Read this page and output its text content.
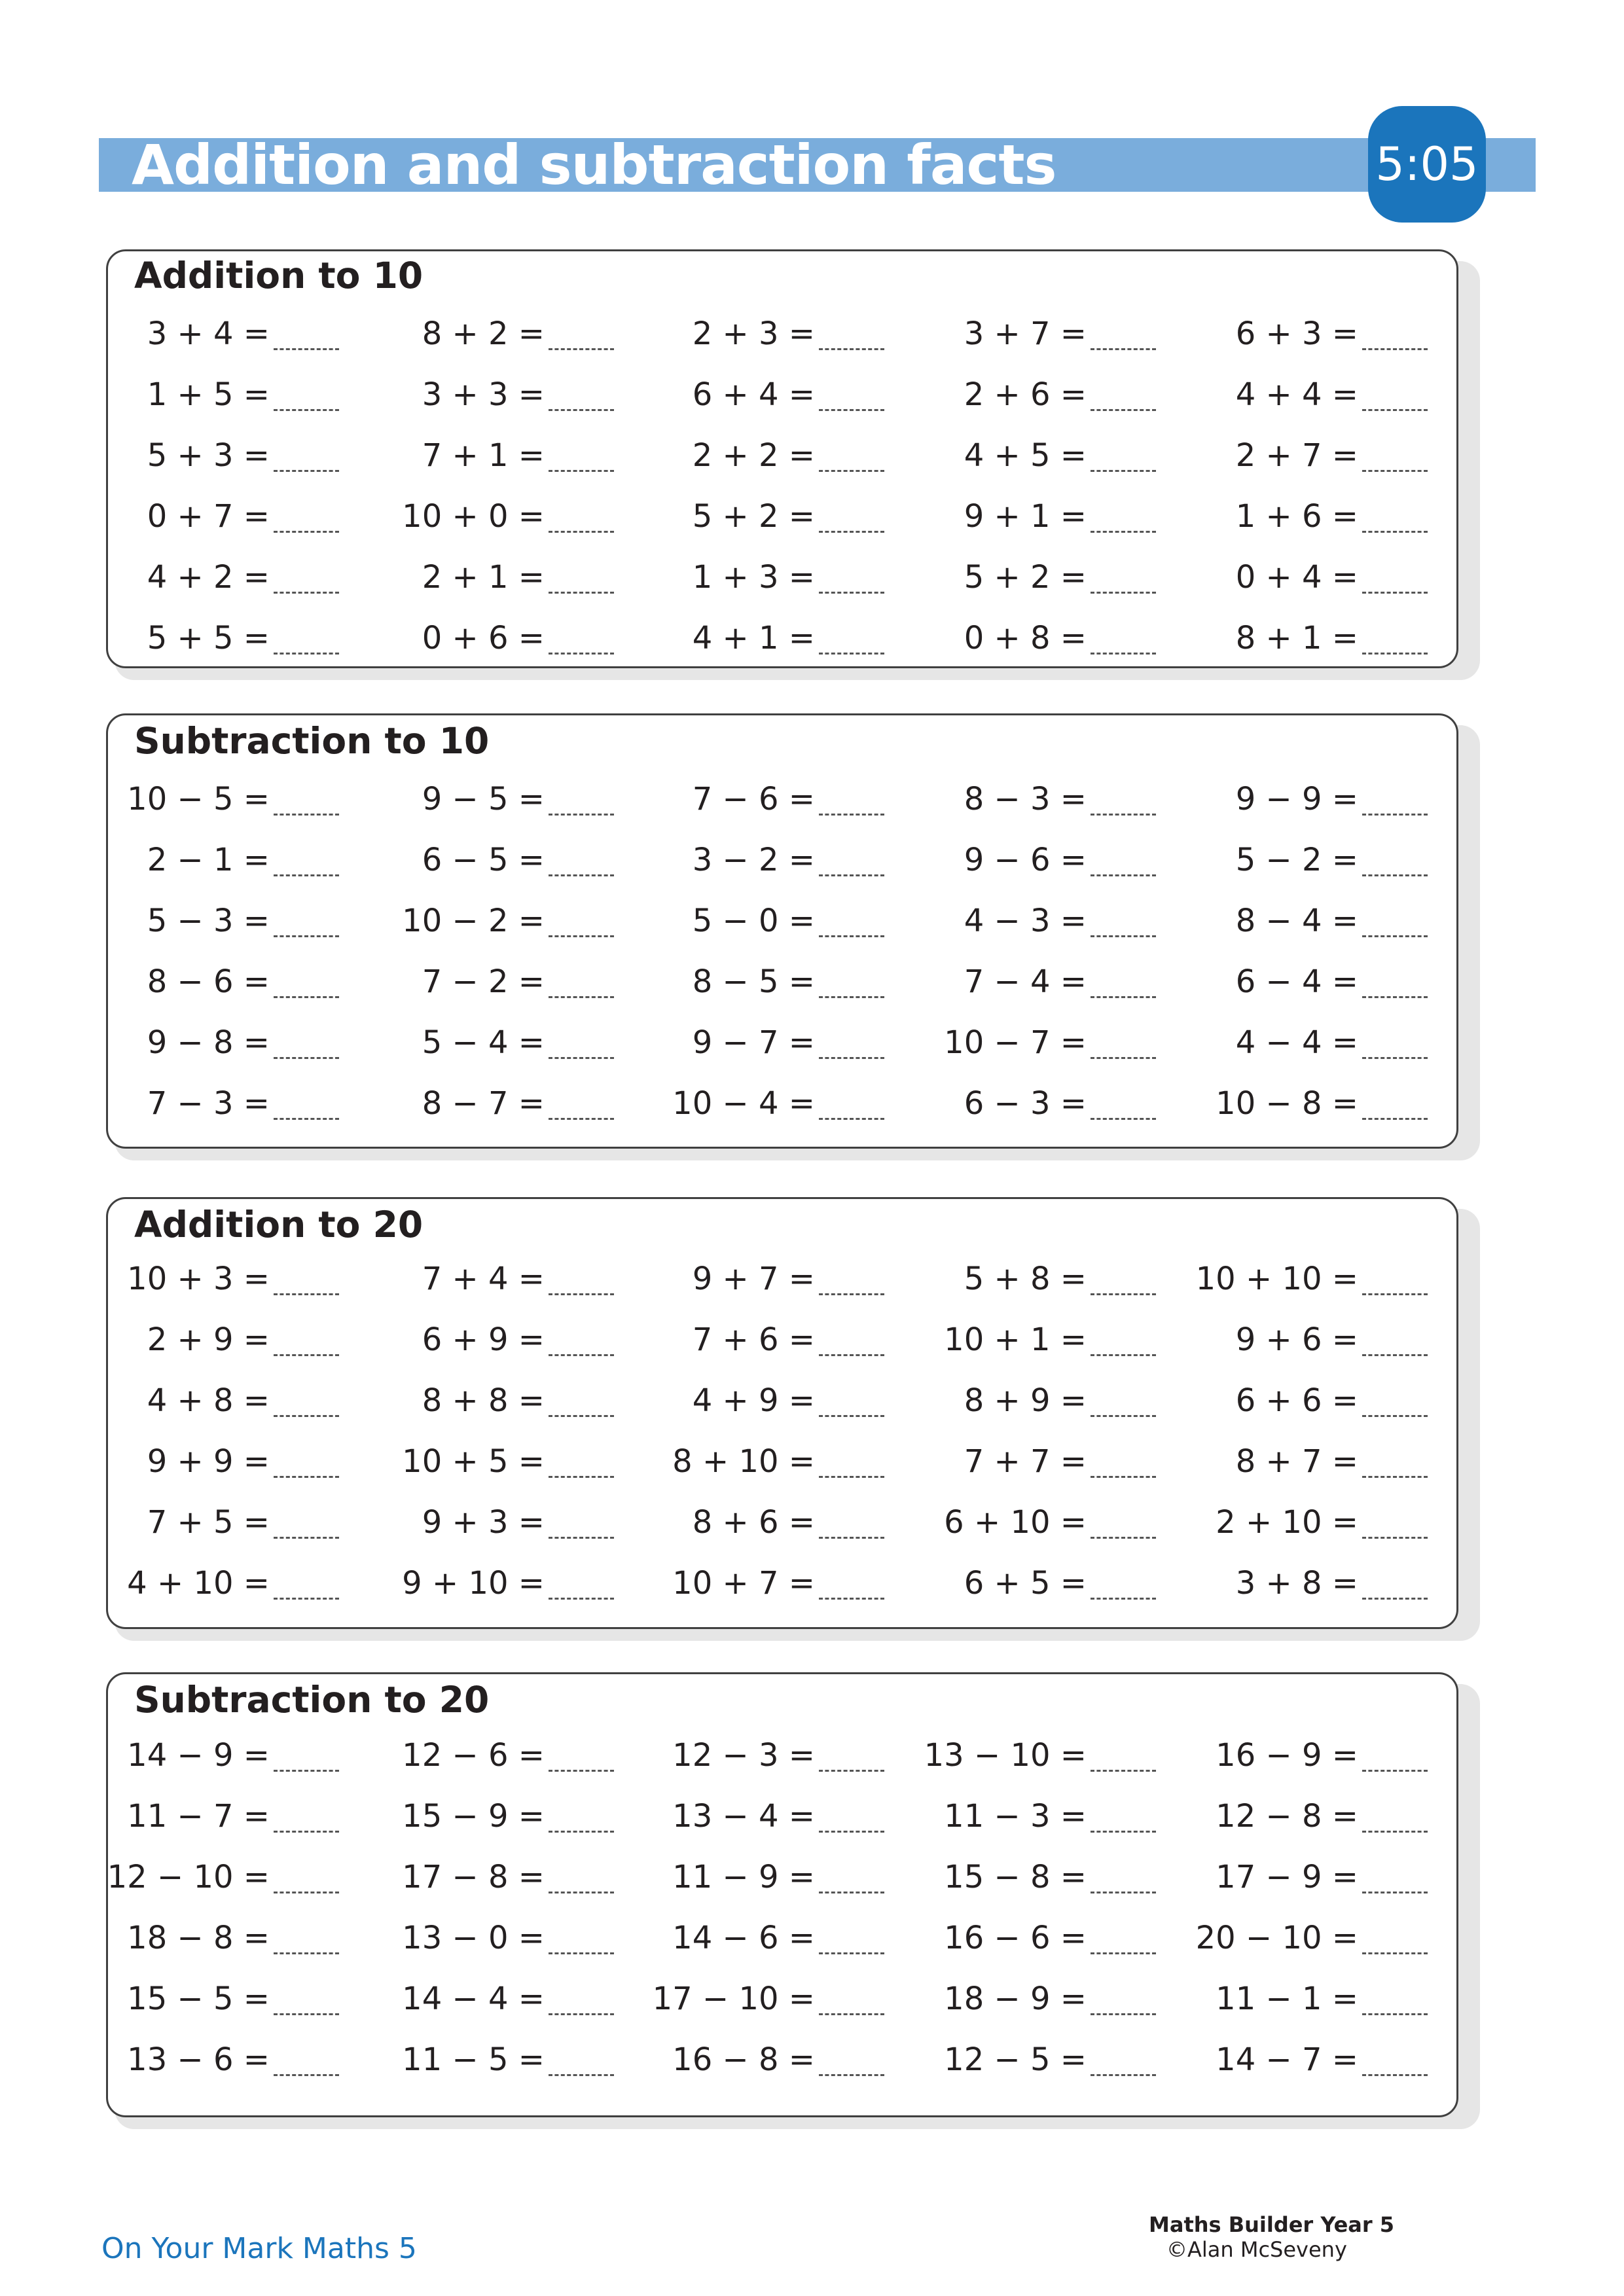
Addition and subtraction facts	5:05
Addition to 10
3 + 4 =	8 + 2 =	2 + 3 =	3 + 7 =	6 + 3 =
1 + 5 =	3 + 3 =	6 + 4 =	2 + 6 =	4 + 4 =
5 + 3 =	7 + 1 =	2 + 2 =	4 + 5 =	2 + 7 =
0 + 7 =	10 + 0 =	5 + 2 =	9 + 1 =	1 + 6 =
4 + 2 =	2 + 1 =	1 + 3 =	5 + 2 =	0 + 4 =
5 + 5 =	0 + 6 =	4 + 1 =	0 + 8 =	8 + 1 =
Subtraction to 10
10 − 5 =	9 − 5 =	7 − 6 =	8 − 3 =	9 − 9 =
2 − 1 =	6 − 5 =	3 − 2 =	9 − 6 =	5 − 2 =
5 − 3 =	10 − 2 =	5 − 0 =	4 − 3 =	8 − 4 =
8 − 6 =	7 − 2 =	8 − 5 =	7 − 4 =	6 − 4 =
9 − 8 =	5 − 4 =	9 − 7 =	10 − 7 =	4 − 4 =
7 − 3 =	8 − 7 =	10 − 4 =	6 − 3 =	10 − 8 =
Addition to 20
10 + 3 =	7 + 4 =	9 + 7 =	5 + 8 =	10 + 10 =
2 + 9 =	6 + 9 =	7 + 6 =	10 + 1 =	9 + 6 =
4 + 8 =	8 + 8 =	4 + 9 =	8 + 9 =	6 + 6 =
9 + 9 =	10 + 5 =	8 + 10 =	7 + 7 =	8 + 7 =
7 + 5 =	9 + 3 =	8 + 6 =	6 + 10 =	2 + 10 =
4 + 10 =	9 + 10 =	10 + 7 =	6 + 5 =	3 + 8 =
Subtraction to 20
14 − 9 =	12 − 6 =	12 − 3 =	13 − 10 =	16 − 9 =
11 − 7 =	15 − 9 =	13 − 4 =	11 − 3 =	12 − 8 =
12 − 10 =	17 − 8 =	11 − 9 =	15 − 8 =	17 − 9 =
18 − 8 =	13 − 0 =	14 − 6 =	16 − 6 =	20 − 10 =
15 − 5 =	14 − 4 =	17 − 10 =	18 − 9 =	11 − 1 =
13 − 6 =	11 − 5 =	16 − 8 =	12 − 5 =	14 − 7 =
On Your Mark Maths 5
Maths Builder Year 5
©Alan McSeveny
